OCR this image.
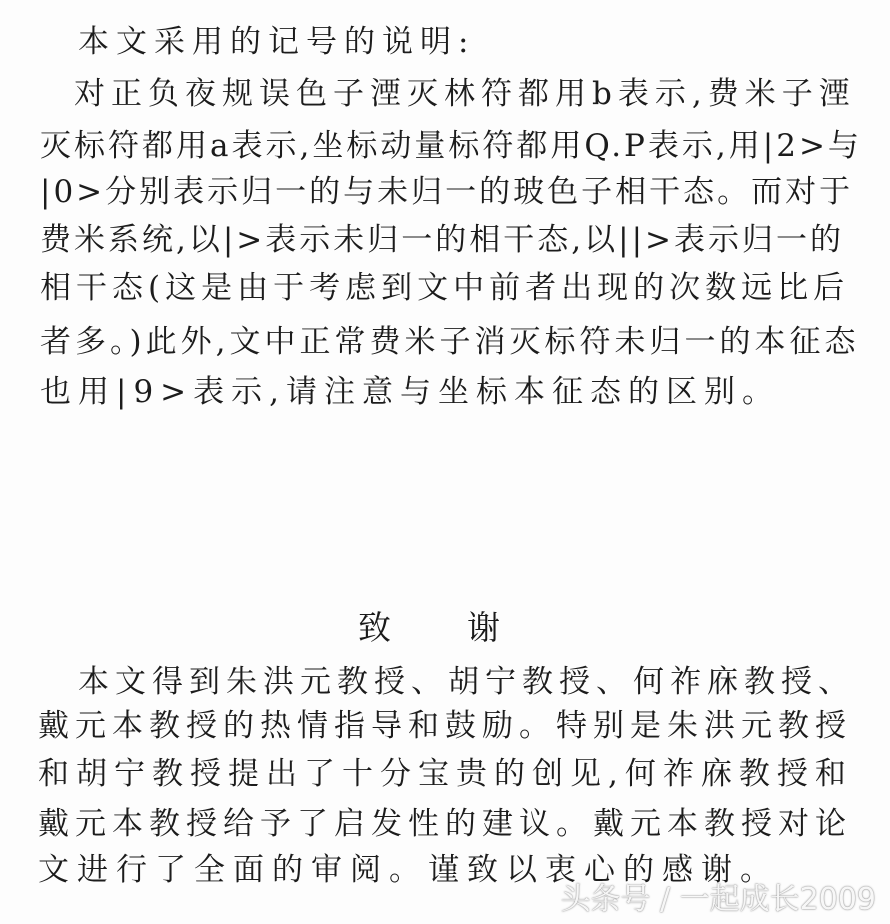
本文采用的记号的说明:
对正负夜规误色子湮灭林符都用b表示,费米子湮
灭标符都用a表示,坐标动量标符都用Q.P表示,用|2>与
|0>分别表示归一的与未归一的玻色子相干态。而对于
费米系统,以|>表示未归一的相干态,以||>表示归一的
相干态(这是由于考虑到文中前者出现的次数远比后
者多。)此外,文中正常费米子消灭标符未归一的本征态
也用|9>表示,请注意与坐标本征态的区别。
致 谢
本文得到朱洪元教授、胡宁教授、何祚庥教授、
戴元本教授的热情指导和鼓励。特别是朱洪元教授
和胡宁教授提出了十分宝贵的创见,何祚庥教授和
戴元本教授给予了启发性的建议。戴元本教授对论
文进行了全面的审阅。谨致以衷心的感谢。
头条号 / 一起成长2009
